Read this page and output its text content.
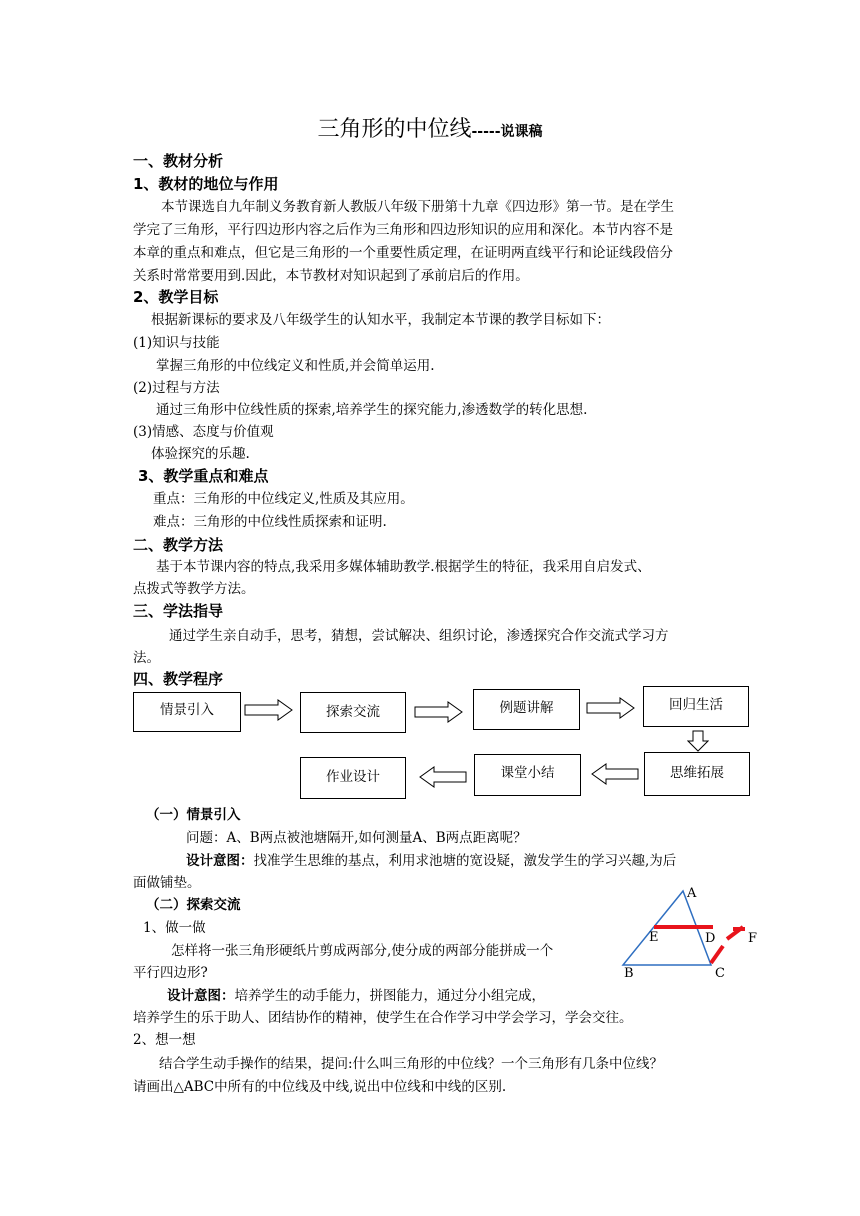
三角形的中位线-----说课稿
一、教材分析
1、教材的地位与作用
本节课选自九年制义务教育新人教版八年级下册第十九章《四边形》第一节。是在学生
学完了三角形，平行四边形内容之后作为三角形和四边形知识的应用和深化。本节内容不是
本章的重点和难点，但它是三角形的一个重要性质定理，在证明两直线平行和论证线段倍分
关系时常常要用到.因此，本节教材对知识起到了承前启后的作用。
2、教学目标
根据新课标的要求及八年级学生的认知水平，我制定本节课的教学目标如下：
(1)知识与技能
掌握三角形的中位线定义和性质,并会简单运用.
(2)过程与方法
通过三角形中位线性质的探索,培养学生的探究能力,渗透数学的转化思想.
(3)情感、态度与价值观
体验探究的乐趣.
3、教学重点和难点
重点：三角形的中位线定义,性质及其应用。
难点：三角形的中位线性质探索和证明.
二、教学方法
基于本节课内容的特点,我采用多媒体辅助教学.根据学生的特征，我采用自启发式、
点拨式等教学方法。
三、学法指导
通过学生亲自动手，思考，猜想，尝试解决、组织讨论，渗透探究合作交流式学习方
法。
四、教学程序
情景引入	探索交流	例题讲解	回归生活
思维拓展
课堂小结
作业设计
（一）情景引入
问题：A、B两点被池塘隔开,如何测量A、B两点距离呢？
设计意图：找准学生思维的基点，利用求池塘的宽设疑，激发学生的学习兴趣,为后
面做铺垫。
（二）探索交流
1、做一做
怎样将一张三角形硬纸片剪成两部分,使分成的两部分能拼成一个
平行四边形?
设计意图：培养学生的动手能力，拼图能力，通过分小组完成，
培养学生的乐于助人、团结协作的精神，使学生在合作学习中学会学习，学会交往。
2、想一想
结合学生动手操作的结果，提问:什么叫三角形的中位线？一个三角形有几条中位线？
请画出△ABC中所有的中位线及中线,说出中位线和中线的区别.
A
E	D	F
B	C
